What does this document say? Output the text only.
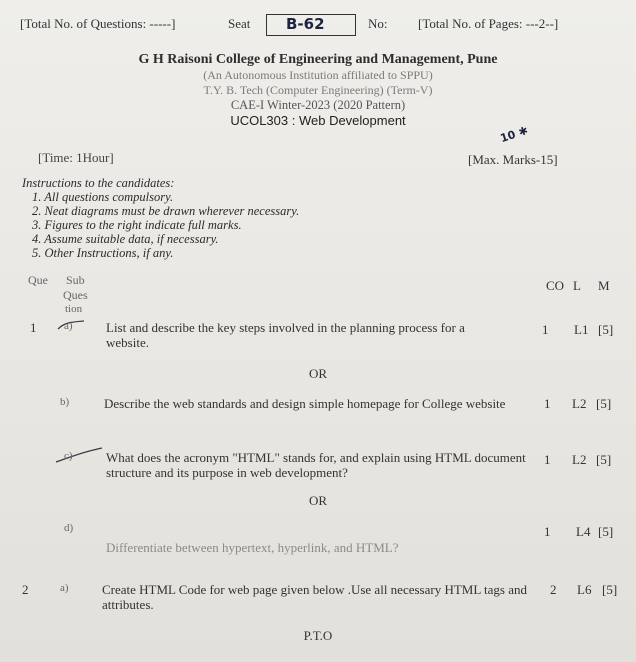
[Total No. of Questions: -----]	Seat B-62	No: [Total No. of Pages: ---2--]
G H Raisoni College of Engineering and Management, Pune
(An Autonomous Institution affiliated to SPPU)
T.Y. B. Tech (Computer Engineering) (Term-V)
CAE-I Winter-2023 (2020 Pattern)
UCOL303 : Web Development
[Time: 1Hour]
10 ✱
[Max. Marks-15]
Instructions to the candidates:
1. All questions compulsory.
2. Neat diagrams must be drawn wherever necessary.
3. Figures to the right indicate full marks.
4. Assume suitable data, if necessary.
5. Other Instructions, if any.
Que Sub
Ques
tion
CO L M
1	a)	List and describe the key steps involved in the planning process for a
website.
1 L1 [5]
OR
b)	Describe the web standards and design simple homepage for College website	1 L2 [5]
c)	What does the acronym "HTML" stands for, and explain using HTML document
structure and its purpose in web development?
1 L2 [5]
OR
d)
Differentiate between hypertext, hyperlink, and HTML?
1 L4 [5]
2	a)	Create HTML Code for web page given below .Use all necessary HTML tags and
attributes.
2 L6 [5]
P.T.O
